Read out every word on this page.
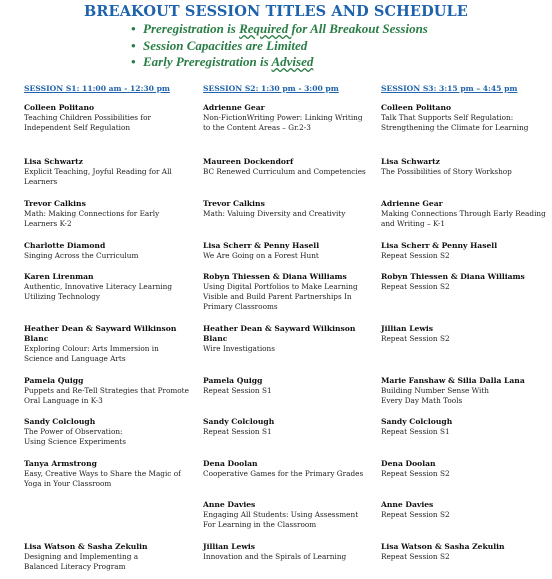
BREAKOUT SESSION TITLES AND SCHEDULE
• Preregistration is Required for All Breakout Sessions
• Session Capacities are Limited
• Early Preregistration is Advised
SESSION S1: 11:00 am - 12:30 pm	SESSION S2: 1:30 pm - 3:00 pm	SESSION S3: 3:15 pm – 4:45 pm
Colleen Politano
Teaching Children Possibilities for Independent Self Regulation
Lisa Schwartz
Explicit Teaching, Joyful Reading for All Learners
Trevor Calkins
Math: Making Connections for Early Learners K-2
Charlotte Diamond
Singing Across the Curriculum
Karen Lirenman
Authentic, Innovative Literacy Learning Utilizing Technology
Heather Dean & Sayward Wilkinson Blanc
Exploring Colour: Arts Immersion in Science and Language Arts
Pamela Quigg
Puppets and Re-Tell Strategies that Promote Oral Language in K-3
Sandy Colclough
The Power of Observation: Using Science Experiments
Tanya Armstrong
Easy, Creative Ways to Share the Magic of Yoga in Your Classroom
Lisa Watson & Sasha Zekulin
Designing and Implementing a Balanced Literacy Program
Adrienne Gear
Non-FictionWriting Power: Linking Writing to the Content Areas – Gr.2-3
Maureen Dockendorf
BC Renewed Curriculum and Competencies
Trevor Calkins
Math: Valuing Diversity and Creativity
Lisa Scherr & Penny Hasell
We Are Going on a Forest Hunt
Robyn Thiessen & Diana Williams
Using Digital Portfolios to Make Learning Visible and Build Parent Partnerships In Primary Classrooms
Heather Dean & Sayward Wilkinson Blanc
Wire Investigations
Pamela Quigg
Repeat Session S1
Sandy Colclough
Repeat Session S1
Dena Doolan
Cooperative Games for the Primary Grades
Anne Davies
Engaging All Students: Using Assessment For Learning in the Classroom
Jillian Lewis
Innovation and the Spirals of Learning
Colleen Politano
Talk That Supports Self Regulation: Strengthening the Climate for Learning
Lisa Schwartz
The Possibilities of Story Workshop
Adrienne Gear
Making Connections Through Early Reading and Writing – K-1
Lisa Scherr & Penny Hasell
Repeat Session S2
Robyn Thiessen & Diana Williams
Repeat Session S2
Jillian Lewis
Repeat Session S2
Marie Fanshaw & Silia Dalla Lana
Building Number Sense With Every Day Math Tools
Sandy Colclough
Repeat Session S1
Dena Doolan
Repeat Session S2
Anne Davies
Repeat Session S2
Lisa Watson & Sasha Zekulin
Repeat Session S2
